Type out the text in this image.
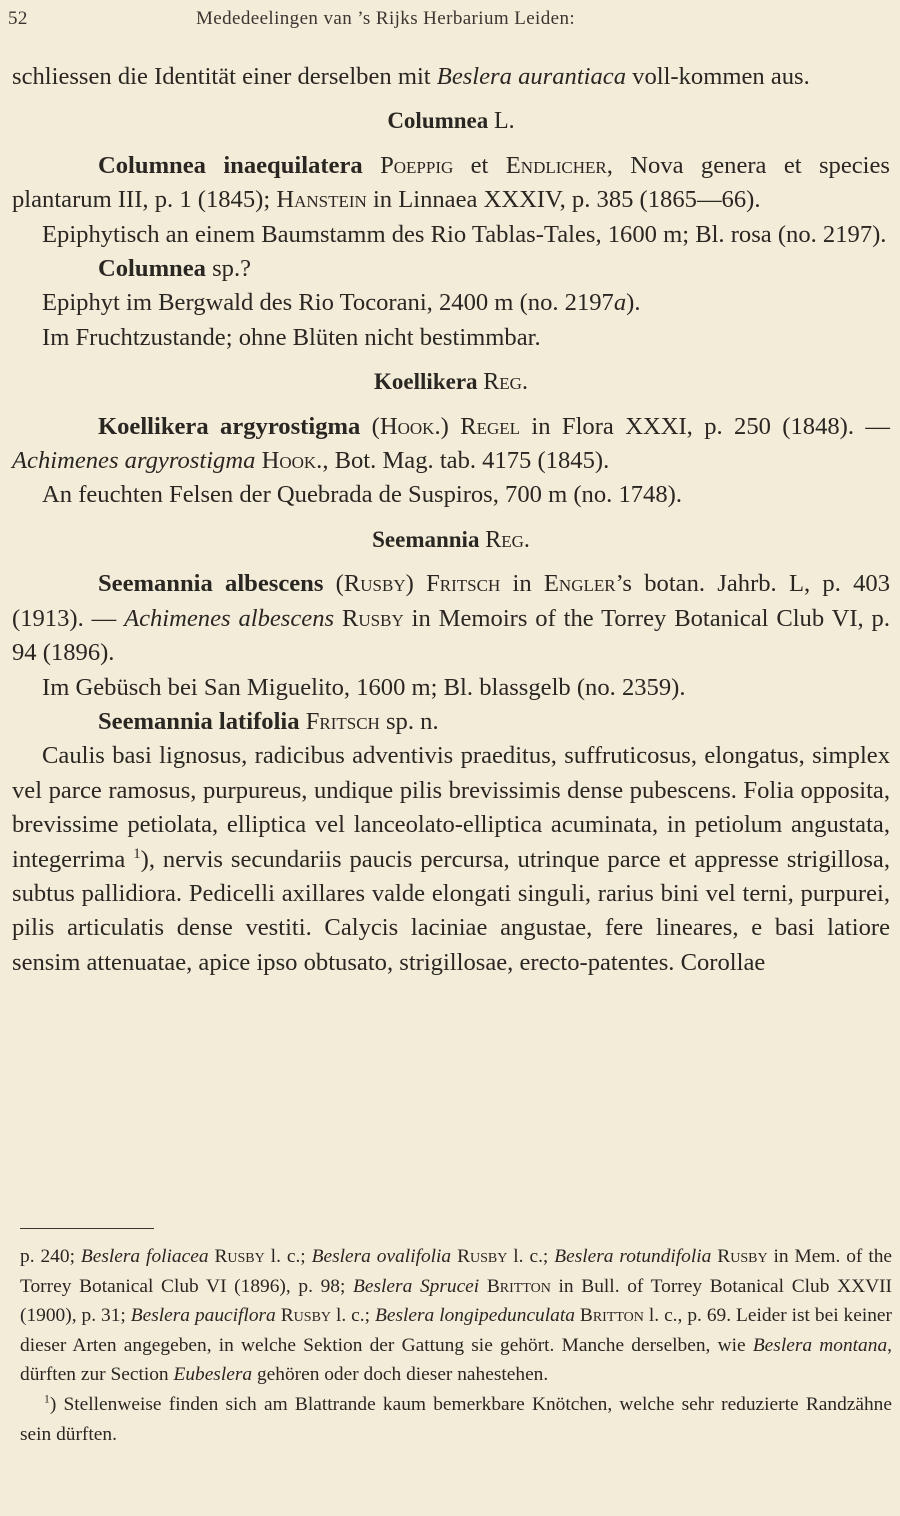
52	Mededeelingen van ’s Rijks Herbarium Leiden:

schliessen die Identität einer derselben mit Beslera aurantiaca voll-kommen aus.

Columnea L.

Columnea inaequilatera Poeppig et Endlicher, Nova genera et species plantarum III, p. 1 (1845); Hanstein in Linnaea XXXIV, p. 385 (1865—66).

Epiphytisch an einem Baumstamm des Rio Tablas-Tales, 1600 m; Bl. rosa (no. 2197).

Columnea sp.?

Epiphyt im Bergwald des Rio Tocorani, 2400 m (no. 2197a).

Im Fruchtzustande; ohne Blüten nicht bestimmbar.

Koellikera Reg.

Koellikera argyrostigma (Hook.) Regel in Flora XXXI, p. 250 (1848). — Achimenes argyrostigma Hook., Bot. Mag. tab. 4175 (1845).

An feuchten Felsen der Quebrada de Suspiros, 700 m (no. 1748).

Seemannia Reg.

Seemannia albescens (Rusby) Fritsch in Engler’s botan. Jahrb. L, p. 403 (1913). — Achimenes albescens Rusby in Memoirs of the Torrey Botanical Club VI, p. 94 (1896).

Im Gebüsch bei San Miguelito, 1600 m; Bl. blassgelb (no. 2359).

Seemannia latifolia Fritsch sp. n.

Caulis basi lignosus, radicibus adventivis praeditus, suffruticosus, elongatus, simplex vel parce ramosus, purpureus, undique pilis brevissimis dense pubescens. Folia opposita, brevissime petiolata, elliptica vel lanceolato-elliptica acuminata, in petiolum angustata, integerrima $^1$), nervis secundariis paucis percursa, utrinque parce et appresse strigillosa, subtus pallidiora. Pedicelli axillares valde elongati singuli, rarius bini vel terni, purpurei, pilis articulatis dense vestiti. Calycis laciniae angustae, fere lineares, e basi latiore sensim attenuatae, apice ipso obtusato, strigillosae, erecto-patentes. Corollae

p. 240; Beslera foliacea Rusby l. c.; Beslera ovalifolia Rusby l. c.; Beslera rotundifolia Rusby in Mem. of the Torrey Botanical Club VI (1896), p. 98; Beslera Sprucei Britton in Bull. of Torrey Botanical Club XXVII (1900), p. 31; Beslera pauciflora Rusby l. c.; Beslera longipedunculata Britton l. c., p. 69. Leider ist bei keiner dieser Arten angegeben, in welche Sektion der Gattung sie gehört. Manche derselben, wie Beslera montana, dürften zur Section Eubeslera gehören oder doch dieser nahestehen.

$^1$) Stellenweise finden sich am Blattrande kaum bemerkbare Knötchen, welche sehr reduzierte Randzähne sein dürften.
